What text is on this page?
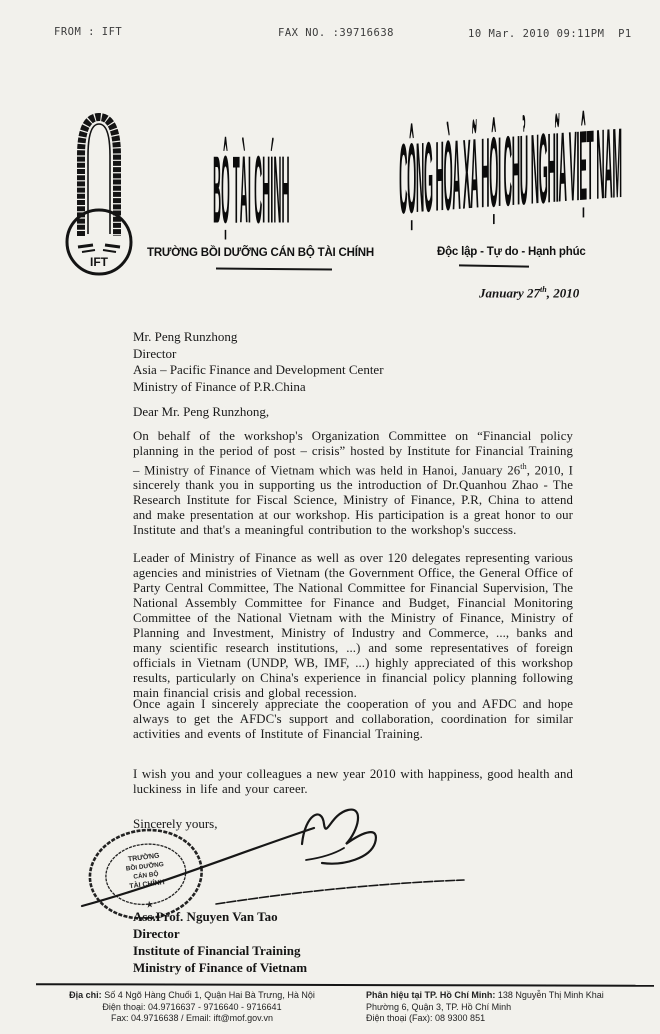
FROM : IFT	FAX NO. :39716638	10 Mar. 2010 09:11PM  P1
IFT
BỘ TÀI CHÍNH
TRƯỜNG BỒI DƯỠNG CÁN BỘ TÀI CHÍNH
CỘNG HÒA XÃ HỘI CHỦ NGHĨA VIỆT NAM
Độc lập - Tự do - Hạnh phúc
January 27th, 2010
Mr. Peng Runzhong
Director
Asia – Pacific Finance and Development Center
Ministry of Finance of P.R.China
Dear Mr. Peng Runzhong,
On behalf of the workshop's Organization Committee on “Financial policy planning in the period of post – crisis” hosted by Institute for Financial Training – Ministry of Finance of Vietnam which was held in Hanoi, January 26th, 2010, I sincerely thank you in supporting us the introduction of Dr.Quanhou Zhao - The Research Institute for Fiscal Science, Ministry of Finance, P.R, China to attend and make presentation at our workshop. His participation is a great honor to our Institute and that's a meaningful contribution to the workshop's success.
Leader of Ministry of Finance as well as over 120 delegates representing various agencies and ministries of Vietnam (the Government Office, the General Office of Party Central Committee, The National Committee for Financial Supervision, The National Assembly Committee for Finance and Budget, Financial Monitoring Committee of the National Vietnam with the Ministry of Finance, Ministry of Planning and Investment, Ministry of Industry and Commerce, ..., banks and many scientific research institutions, ...) and some representatives of foreign officials in Vietnam (UNDP, WB, IMF, ...) highly appreciated of this workshop results, particularly on China's experience in financial policy planning following main financial crisis and global recession.
Once again I sincerely appreciate the cooperation of you and AFDC and hope always to get the AFDC's support and collaboration, coordination for similar activities and events of Institute of Financial Training.
I wish you and your colleagues a new year 2010 with happiness, good health and luckiness in life and your career.
Sincerely yours,
TRƯỜNG
BỒI DƯỠNG
CÁN BỘ
TÀI CHÍNH
★
Ass.Prof. Nguyen Van Tao
Director
Institute of Financial Training
Ministry of Finance of Vietnam
Địa chỉ: Số 4 Ngõ Hàng Chuối 1, Quận Hai Bà Trưng, Hà Nội
Điện thoại: 04.9716637 - 9716640 - 9716641
Fax: 04.9716638 / Email: ift@mof.gov.vn
Phân hiệu tại TP. Hồ Chí Minh: 138 Nguyễn Thị Minh Khai
Phường 6, Quận 3, TP. Hồ Chí Minh
Điện thoại (Fax): 08 9300 851
